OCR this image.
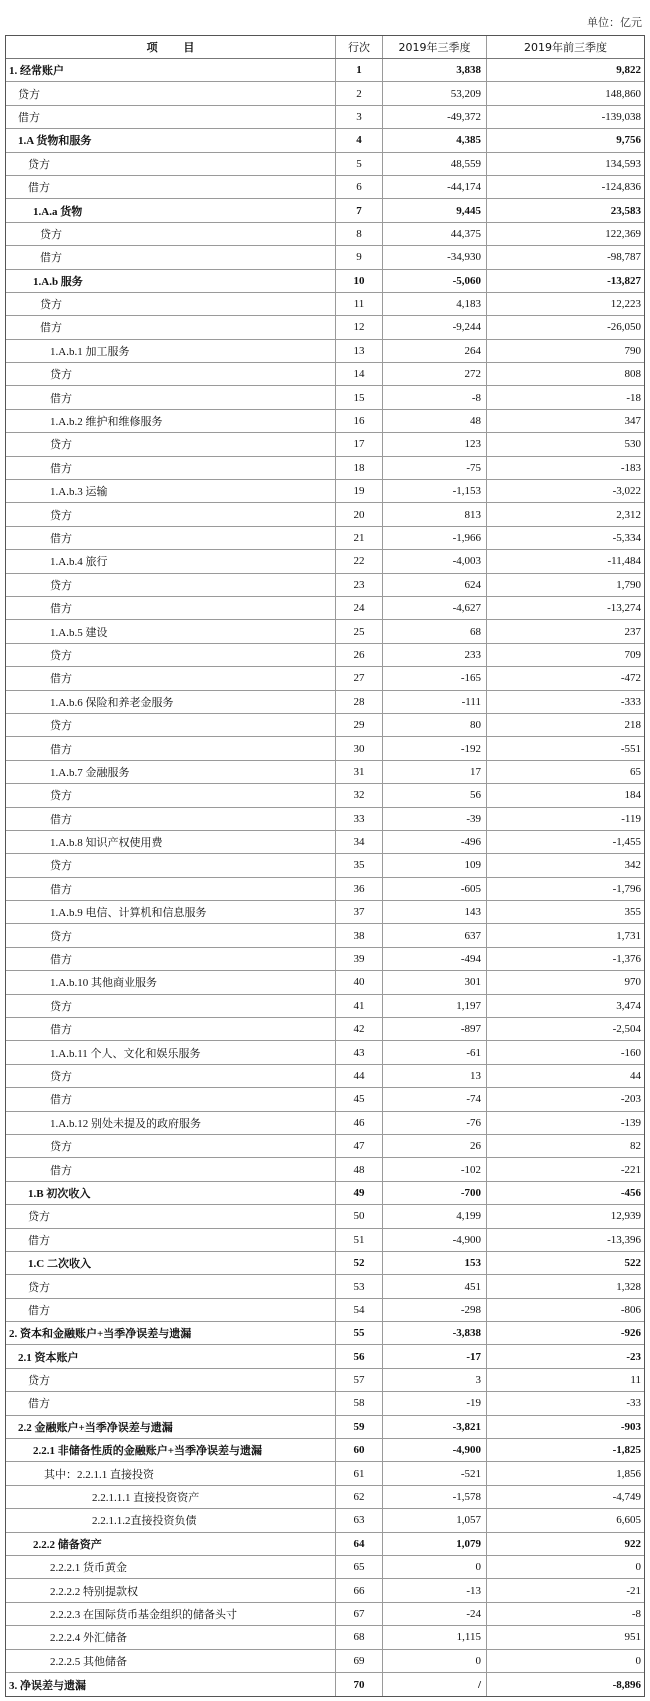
单位：亿元
项 目	行次	2019年三季度	2019年前三季度
1. 经常账户	1	3,838	9,822
贷方	2	53,209	148,860
借方	3	-49,372	-139,038
1.A 货物和服务	4	4,385	9,756
贷方	5	48,559	134,593
借方	6	-44,174	-124,836
1.A.a 货物	7	9,445	23,583
贷方	8	44,375	122,369
借方	9	-34,930	-98,787
1.A.b 服务	10	-5,060	-13,827
贷方	11	4,183	12,223
借方	12	-9,244	-26,050
1.A.b.1 加工服务	13	264	790
贷方	14	272	808
借方	15	-8	-18
1.A.b.2 维护和维修服务	16	48	347
贷方	17	123	530
借方	18	-75	-183
1.A.b.3 运输	19	-1,153	-3,022
贷方	20	813	2,312
借方	21	-1,966	-5,334
1.A.b.4 旅行	22	-4,003	-11,484
贷方	23	624	1,790
借方	24	-4,627	-13,274
1.A.b.5 建设	25	68	237
贷方	26	233	709
借方	27	-165	-472
1.A.b.6 保险和养老金服务	28	-111	-333
贷方	29	80	218
借方	30	-192	-551
1.A.b.7 金融服务	31	17	65
贷方	32	56	184
借方	33	-39	-119
1.A.b.8 知识产权使用费	34	-496	-1,455
贷方	35	109	342
借方	36	-605	-1,796
1.A.b.9 电信、计算机和信息服务	37	143	355
贷方	38	637	1,731
借方	39	-494	-1,376
1.A.b.10 其他商业服务	40	301	970
贷方	41	1,197	3,474
借方	42	-897	-2,504
1.A.b.11 个人、文化和娱乐服务	43	-61	-160
贷方	44	13	44
借方	45	-74	-203
1.A.b.12 别处未提及的政府服务	46	-76	-139
贷方	47	26	82
借方	48	-102	-221
1.B 初次收入	49	-700	-456
贷方	50	4,199	12,939
借方	51	-4,900	-13,396
1.C 二次收入	52	153	522
贷方	53	451	1,328
借方	54	-298	-806
2. 资本和金融账户+当季净误差与遗漏	55	-3,838	-926
2.1 资本账户	56	-17	-23
贷方	57	3	11
借方	58	-19	-33
2.2 金融账户+当季净误差与遗漏	59	-3,821	-903
2.2.1 非储备性质的金融账户+当季净误差与遗漏	60	-4,900	-1,825
其中：2.2.1.1 直接投资	61	-521	1,856
2.2.1.1.1 直接投资资产	62	-1,578	-4,749
2.2.1.1.2直接投资负债	63	1,057	6,605
2.2.2 储备资产	64	1,079	922
2.2.2.1 货币黄金	65	0	0
2.2.2.2 特别提款权	66	-13	-21
2.2.2.3 在国际货币基金组织的储备头寸	67	-24	-8
2.2.2.4 外汇储备	68	1,115	951
2.2.2.5 其他储备	69	0	0
3. 净误差与遗漏	70	/	-8,896
